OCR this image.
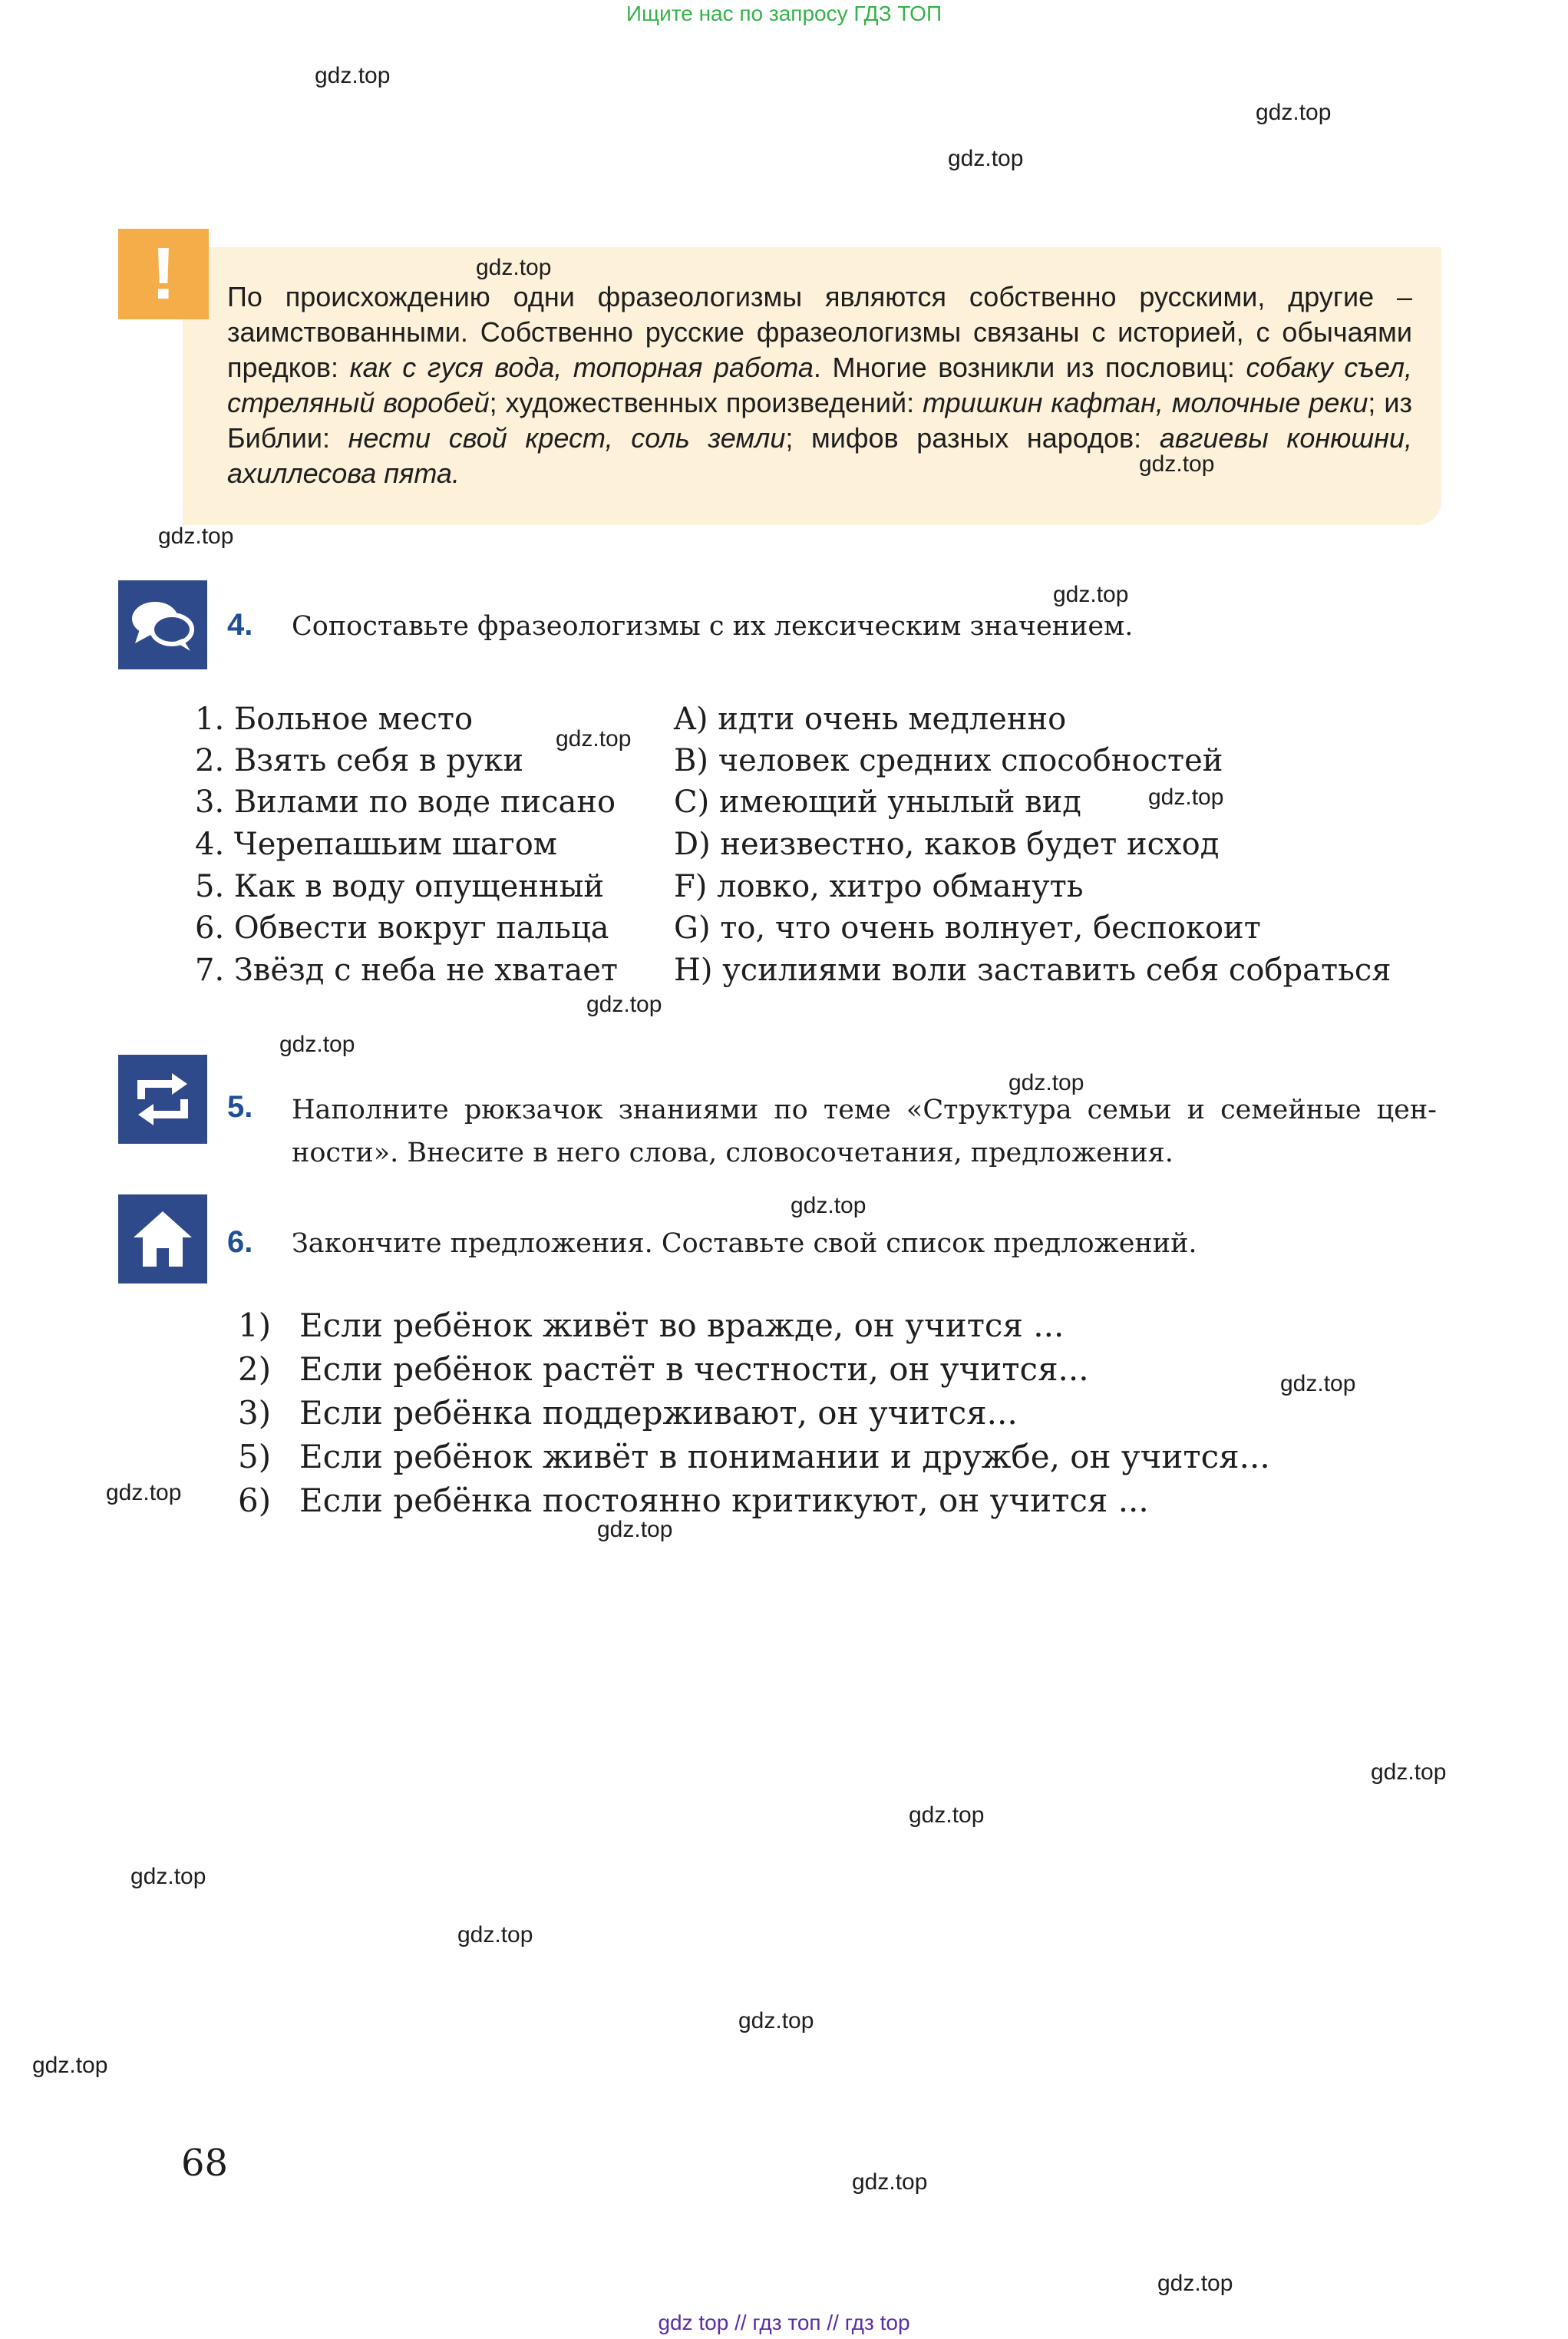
Ищите нас по запросу ГДЗ ТОП
!	По происхождению одни фразеологизмы являются собственно русскими, другие – заимствованными. Собственно русские фразеологизмы связаны с историей, с обычаями предков: как с гуся вода, топорная работа. Многие возникли из пословиц: собаку съел, стреляный воробей; художественных произведений: тришкин кафтан, молочные реки; из Библии: нести свой крест, соль земли; мифов разных народов: авгиевы конюшни, ахиллесова пята.
4. Сопоставьте фразеологизмы с их лексическим значением.
1. Больное место
2. Взять себя в руки
3. Вилами по воде писано
4. Черепашьим шагом
5. Как в воду опущенный
6. Обвести вокруг пальца
7. Звёзд с неба не хватает
A) идти очень медленно
B) человек средних способностей
C) имеющий унылый вид
D) неизвестно, каков будет исход
F) ловко, хитро обмануть
G) то, что очень волнует, беспокоит
H) усилиями воли заставить себя собраться
5. Наполните рюкзачок знаниями по теме «Структура семьи и семейные цен-
ности». Внесите в него слова, словосочетания, предложения.
6. Закончите предложения. Составьте свой список предложений.
1) Если ребёнок живёт во вражде, он учится ...
2) Если ребёнок растёт в честности, он учится...
3) Если ребёнка поддерживают, он учится...
5) Если ребёнок живёт в понимании и дружбе, он учится...
6) Если ребёнка постоянно критикуют, он учится ...
68
gdz.top
gdz.top
gdz.top
gdz.top
gdz.top
gdz.top
gdz.top
gdz.top
gdz.top
gdz.top
gdz.top
gdz.top
gdz.top
gdz.top
gdz.top
gdz.top
gdz.top
gdz.top
gdz.top
gdz.top
gdz.top
gdz.top
gdz.top
gdz.top
gdz top // гдз топ // гдз top
